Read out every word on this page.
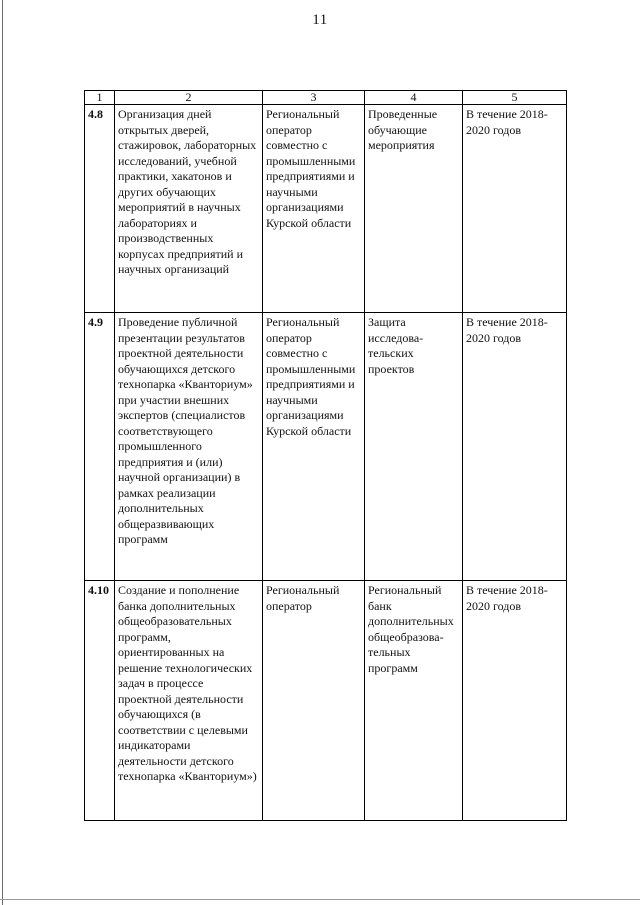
11
1	2	3	4	5
4.8	Организация дней открытых дверей, стажировок, лабораторных исследований, учебной практики, хакатонов и других обучающих мероприятий в научных лабораториях и производственных корпусах предприятий и научных организаций	Региональный оператор совместно с промышленными предприятиями и научными организациями Курской области	Проведенные обучающие мероприятия	В течение 2018-2020 годов
4.9	Проведение публичной презентации результатов проектной деятельности обучающихся детского технопарка «Кванториум» при участии внешних экспертов (специалистов соответствующего промышленного предприятия и (или) научной организации) в рамках реализации дополнительных общеразвивающих программ	Региональный оператор совместно с промышленными предприятиями и научными организациями Курской области	Защита исследова-тельских проектов	В течение 2018-2020 годов
4.10	Создание и пополнение банка дополнительных общеобразовательных программ, ориентированных на решение технологических задач в процессе проектной деятельности обучающихся (в соответствии с целевыми индикаторами деятельности детского технопарка «Кванториум»)	Региональный оператор	Региональный банк дополнительных общеобразова-тельных программ	В течение 2018-2020 годов
